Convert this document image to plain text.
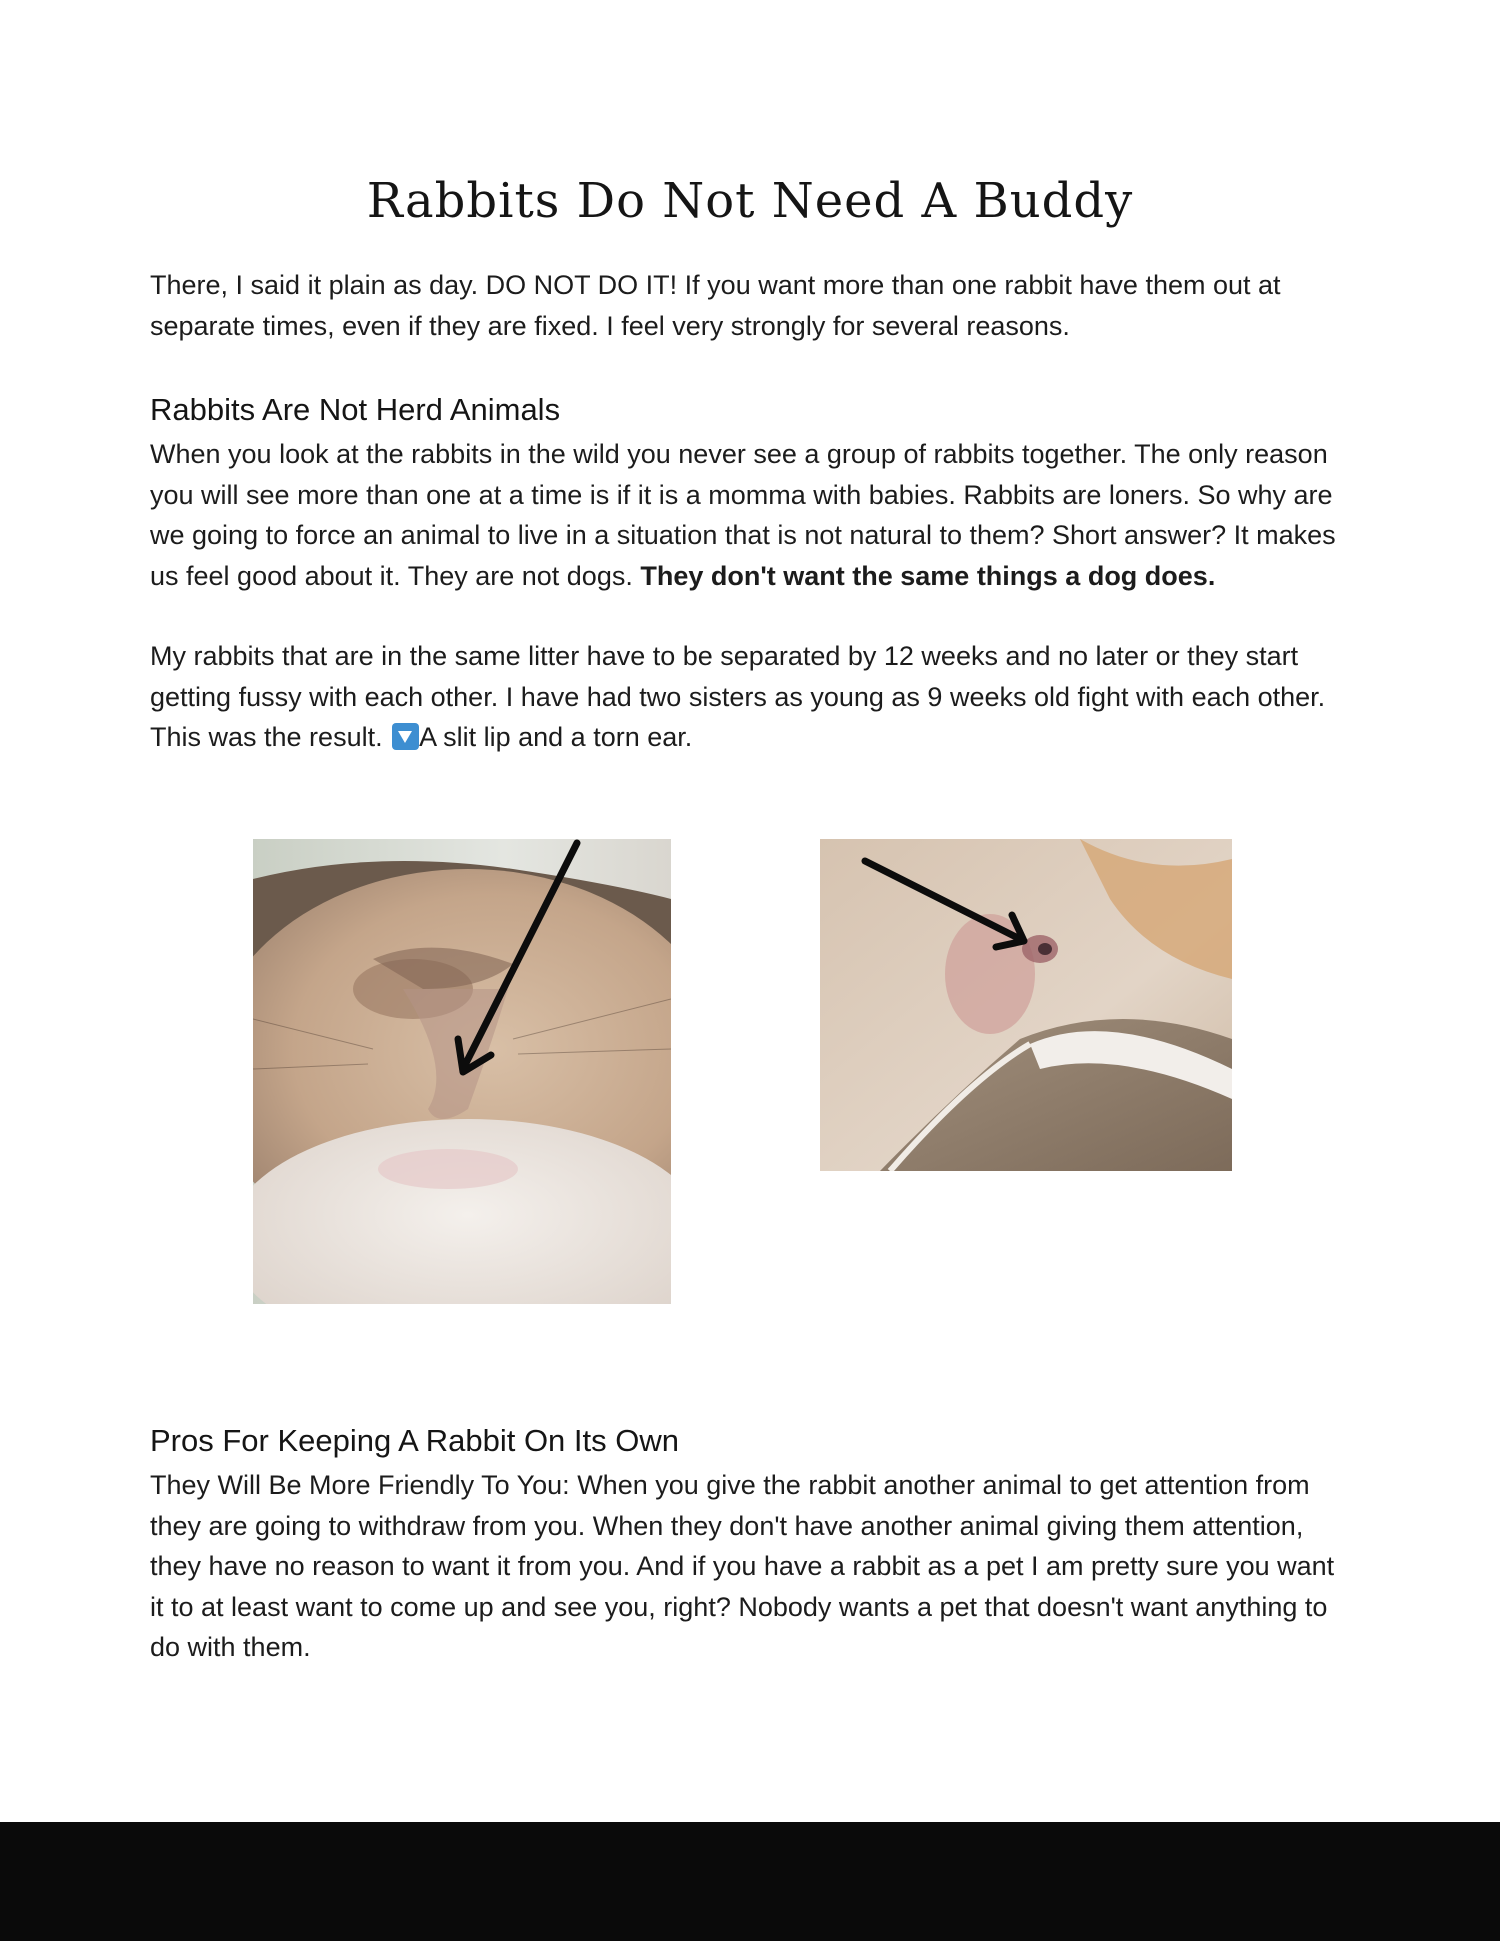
Rabbits Do Not Need A Buddy

There, I said it plain as day. DO NOT DO IT! If you want more than one rabbit have them out at separate times, even if they are fixed. I feel very strongly for several reasons.

Rabbits Are Not Herd Animals

When you look at the rabbits in the wild you never see a group of rabbits together. The only reason you will see more than one at a time is if it is a momma with babies. Rabbits are loners. So why are we going to force an animal to live in a situation that is not natural to them? Short answer? It makes us feel good about it. They are not dogs. They don't want the same things a dog does.

My rabbits that are in the same litter have to be separated by 12 weeks and no later or they start getting fussy with each other. I have had two sisters as young as 9 weeks old fight with each other. This was the result. A slit lip and a torn ear.

Pros For Keeping A Rabbit On Its Own

They Will Be More Friendly To You: When you give the rabbit another animal to get attention from they are going to withdraw from you. When they don't have another animal giving them attention, they have no reason to want it from you. And if you have a rabbit as a pet I am pretty sure you want it to at least want to come up and see you, right? Nobody wants a pet that doesn't want anything to do with them.
